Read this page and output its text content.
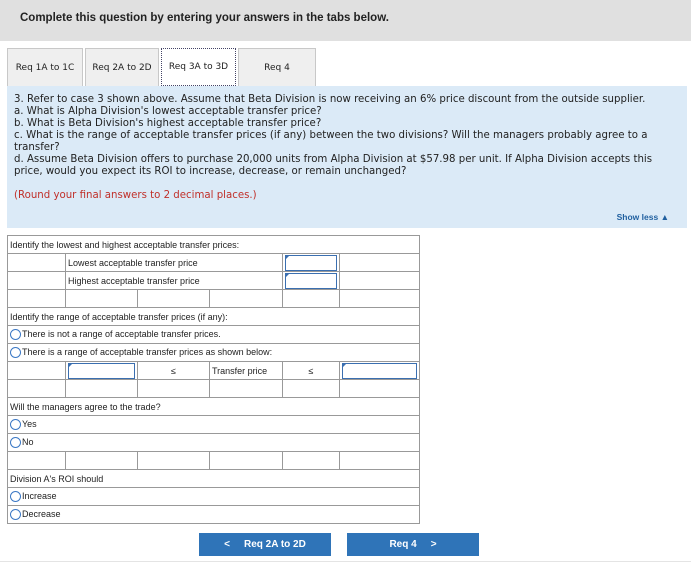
Complete this question by entering your answers in the tabs below.
Req 1A to 1C	Req 2A to 2D	Req 3A to 3D	Req 4
3. Refer to case 3 shown above. Assume that Beta Division is now receiving an 6% price discount from the outside supplier.
a. What is Alpha Division's lowest acceptable transfer price?
b. What is Beta Division's highest acceptable transfer price?
c. What is the range of acceptable transfer prices (if any) between the two divisions? Will the managers probably agree to a transfer?
d. Assume Beta Division offers to purchase 20,000 units from Alpha Division at $57.98 per unit. If Alpha Division accepts this price, would you expect its ROI to increase, decrease, or remain unchanged?
(Round your final answers to 2 decimal places.)
Show less ▲
Identify the lowest and highest acceptable transfer prices:					
	Lowest acceptable transfer price			

	Highest acceptable transfer price			

Identify the range of acceptable transfer prices (if any):					
There is not a range of acceptable transfer prices.					
There is a range of acceptable transfer prices as shown below:					

	≤	Transfer price	≤	

Will the managers agree to the trade?					
Yes					
No					

Division A's ROI should					
Increase					
Decrease					
< Req 2A to 2D	Req 4 >
